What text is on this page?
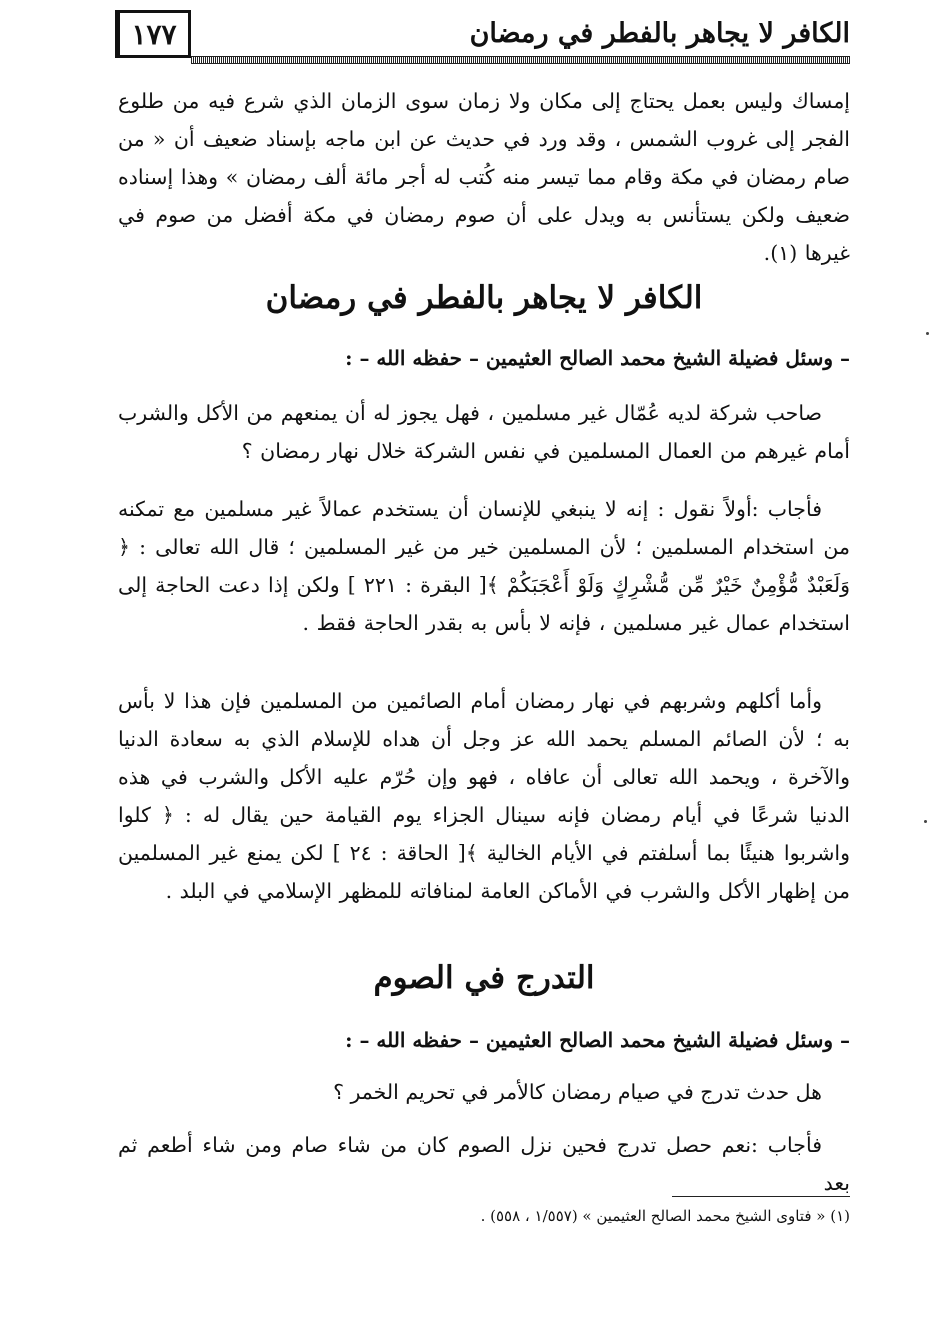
١٧٧	الكافر لا يجاهر بالفطر في رمضان

إمساك وليس بعمل يحتاج إلى مكان ولا زمان سوى الزمان الذي شرع فيه من طلوع الفجر إلى غروب الشمس ، وقد ورد في حديث عن ابن ماجه بإسناد ضعيف أن « من صام رمضان في مكة وقام مما تيسر منه كُتب له أجر مائة ألف رمضان » وهذا إسناده ضعيف ولكن يستأنس به ويدل على أن صوم رمضان في مكة أفضل من صوم في غيرها (١).

الكافر لا يجاهر بالفطر في رمضان

– وسئل فضيلة الشيخ محمد الصالح العثيمين – حفظه الله – :

صاحب شركة لديه عُمّال غير مسلمين ، فهل يجوز له أن يمنعهم من الأكل والشرب أمام غيرهم من العمال المسلمين في نفس الشركة خلال نهار رمضان ؟

فأجاب :أولاً نقول : إنه لا ينبغي للإنسان أن يستخدم عمالاً غير مسلمين مع تمكنه من استخدام المسلمين ؛ لأن المسلمين خير من غير المسلمين ؛ قال الله تعالى : ﴿ وَلَعَبْدٌ مُّؤْمِنٌ خَيْرٌ مِّن مُّشْرِكٍ وَلَوْ أَعْجَبَكُمْ ﴾[ البقرة : ٢٢١ ] ولكن إذا دعت الحاجة إلى استخدام عمال غير مسلمين ، فإنه لا بأس به بقدر الحاجة فقط .

وأما أكلهم وشربهم في نهار رمضان أمام الصائمين من المسلمين فإن هذا لا بأس به ؛ لأن الصائم المسلم يحمد الله عز وجل أن هداه للإسلام الذي به سعادة الدنيا والآخرة ، ويحمد الله تعالى أن عافاه ، فهو وإن حُرّم عليه الأكل والشرب في هذه الدنيا شرعًا في أيام رمضان فإنه سينال الجزاء يوم القيامة حين يقال له : ﴿ كلوا واشربوا هنيئًا بما أسلفتم في الأيام الخالية ﴾[ الحاقة : ٢٤ ] لكن يمنع غير المسلمين من إظهار الأكل والشرب في الأماكن العامة لمنافاته للمظهر الإسلامي في البلد .

التدرج في الصوم

– وسئل فضيلة الشيخ محمد الصالح العثيمين – حفظه الله – :

هل حدث تدرج في صيام رمضان كالأمر في تحريم الخمر ؟

فأجاب :نعم حصل تدرج فحين نزل الصوم كان من شاء صام ومن شاء أطعم ثم بعد

(١) « فتاوى الشيخ محمد الصالح العثيمين » (١/٥٥٧ ، ٥٥٨) .
